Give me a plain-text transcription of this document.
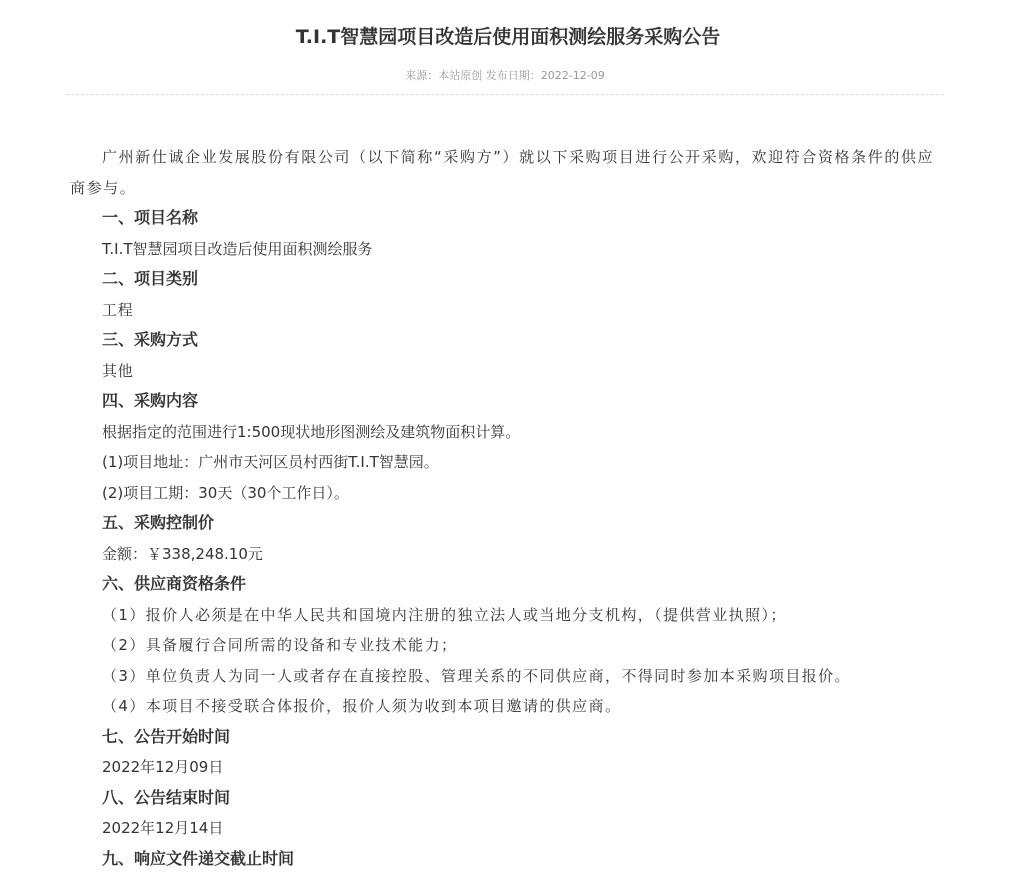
T.I.T智慧园项目改造后使用面积测绘服务采购公告
来源：本站原创 发布日期：2022-12-09

广州新仕诚企业发展股份有限公司（以下简称“采购方”）就以下采购项目进行公开采购，欢迎符合资格条件的供应商参与。

一、项目名称

T.I.T智慧园项目改造后使用面积测绘服务

二、项目类别

工程

三、采购方式

其他

四、采购内容

根据指定的范围进行1:500现状地形图测绘及建筑物面积计算。

(1)项目地址：广州市天河区员村西街T.I.T智慧园。

(2)项目工期：30天（30个工作日）。

五、采购控制价

金额：￥338,248.10元

六、供应商资格条件

（1）报价人必须是在中华人民共和国境内注册的独立法人或当地分支机构，（提供营业执照）；

（2）具备履行合同所需的设备和专业技术能力；

（3）单位负责人为同一人或者存在直接控股、管理关系的不同供应商，不得同时参加本采购项目报价。

（4）本项目不接受联合体报价，报价人须为收到本项目邀请的供应商。

七、公告开始时间

2022年12月09日

八、公告结束时间

2022年12月14日

九、响应文件递交截止时间
